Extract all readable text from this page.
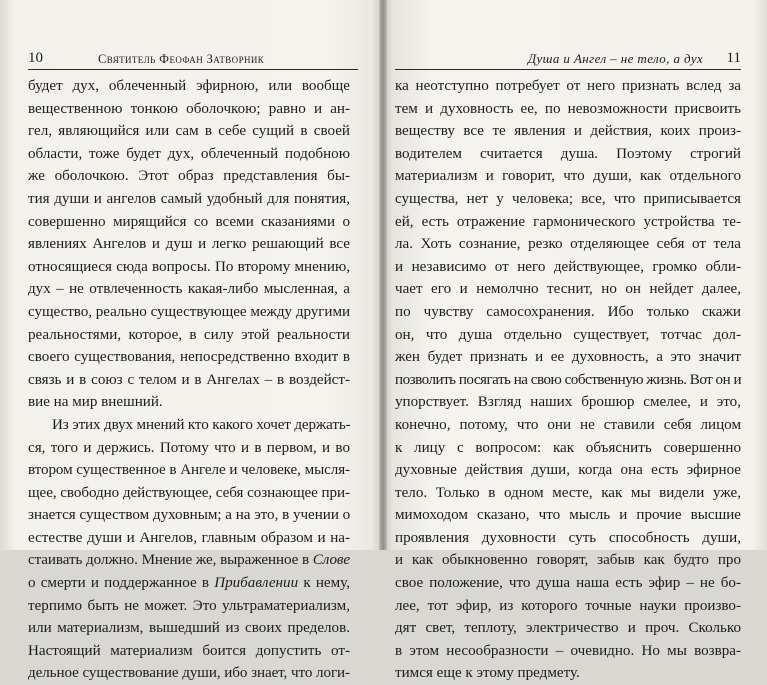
10	Святитель Феофан Затворник
будет дух, облеченный эфирною, или вообще
вещественною тонкою оболочкою; равно и ан-
гел, являющийся или сам в себе сущий в своей
области, тоже будет дух, облеченный подобною
же оболочкою. Этот образ представления бы-
тия души и ангелов самый удобный для понятия,
совершенно мирящийся со всеми сказаниями о
явлениях Ангелов и душ и легко решающий все
относящиеся сюда вопросы. По второму мнению,
дух – не отвлеченность какая-либо мысленная, а
существо, реально существующее между другими
реальностями, которое, в силу этой реальности
своего существования, непосредственно входит в
связь и в союз с телом и в Ангелах – в воздейст-
вие на мир внешний.
Из этих двух мнений кто какого хочет держать-
ся, того и держись. Потому что и в первом, и во
втором существенное в Ангеле и человеке, мысля-
щее, свободно действующее, себя сознающее при-
знается существом духовным; а на это, в учении о
естестве души и Ангелов, главным образом и на-
стаивать должно. Мнение же, выраженное в Слове
о смерти и поддержанное в Прибавлении к нему,
терпимо быть не может. Это ультраматериализм,
или материализм, вышедший из своих пределов.
Настоящий материализм боится допустить от-
дельное существование души, ибо знает, что логи-
Душа и Ангел – не тело, а дух 11
ка неотступно потребует от него признать вслед за
тем и духовность ее, по невозможности присвоить
веществу все те явления и действия, коих произ-
водителем считается душа. Поэтому строгий
материализм и говорит, что души, как отдельного
существа, нет у человека; все, что приписывается
ей, есть отражение гармонического устройства те-
ла. Хоть сознание, резко отделяющее себя от тела
и независимо от него действующее, громко обли-
чает его и немолчно теснит, но он нейдет далее,
по чувству самосохранения. Ибо только скажи
он, что душа отдельно существует, тотчас дол-
жен будет признать и ее духовность, а это значит
позволить посягать на свою собственную жизнь. Вот он и
упорствует. Взгляд наших брошюр смелее, и это,
конечно, потому, что они не ставили себя лицом
к лицу с вопросом: как объяснить совершенно
духовные действия души, когда она есть эфирное
тело. Только в одном месте, как мы видели уже,
мимоходом сказано, что мысль и прочие высшие
проявления духовности суть способность души,
и как обыкновенно говорят, забыв как будто про
свое положение, что душа наша есть эфир – не бо-
лее, тот эфир, из которого точные науки произво-
дят свет, теплоту, электричество и проч. Сколько
в этом несообразности – очевидно. Но мы возвра-
тимся еще к этому предмету.
